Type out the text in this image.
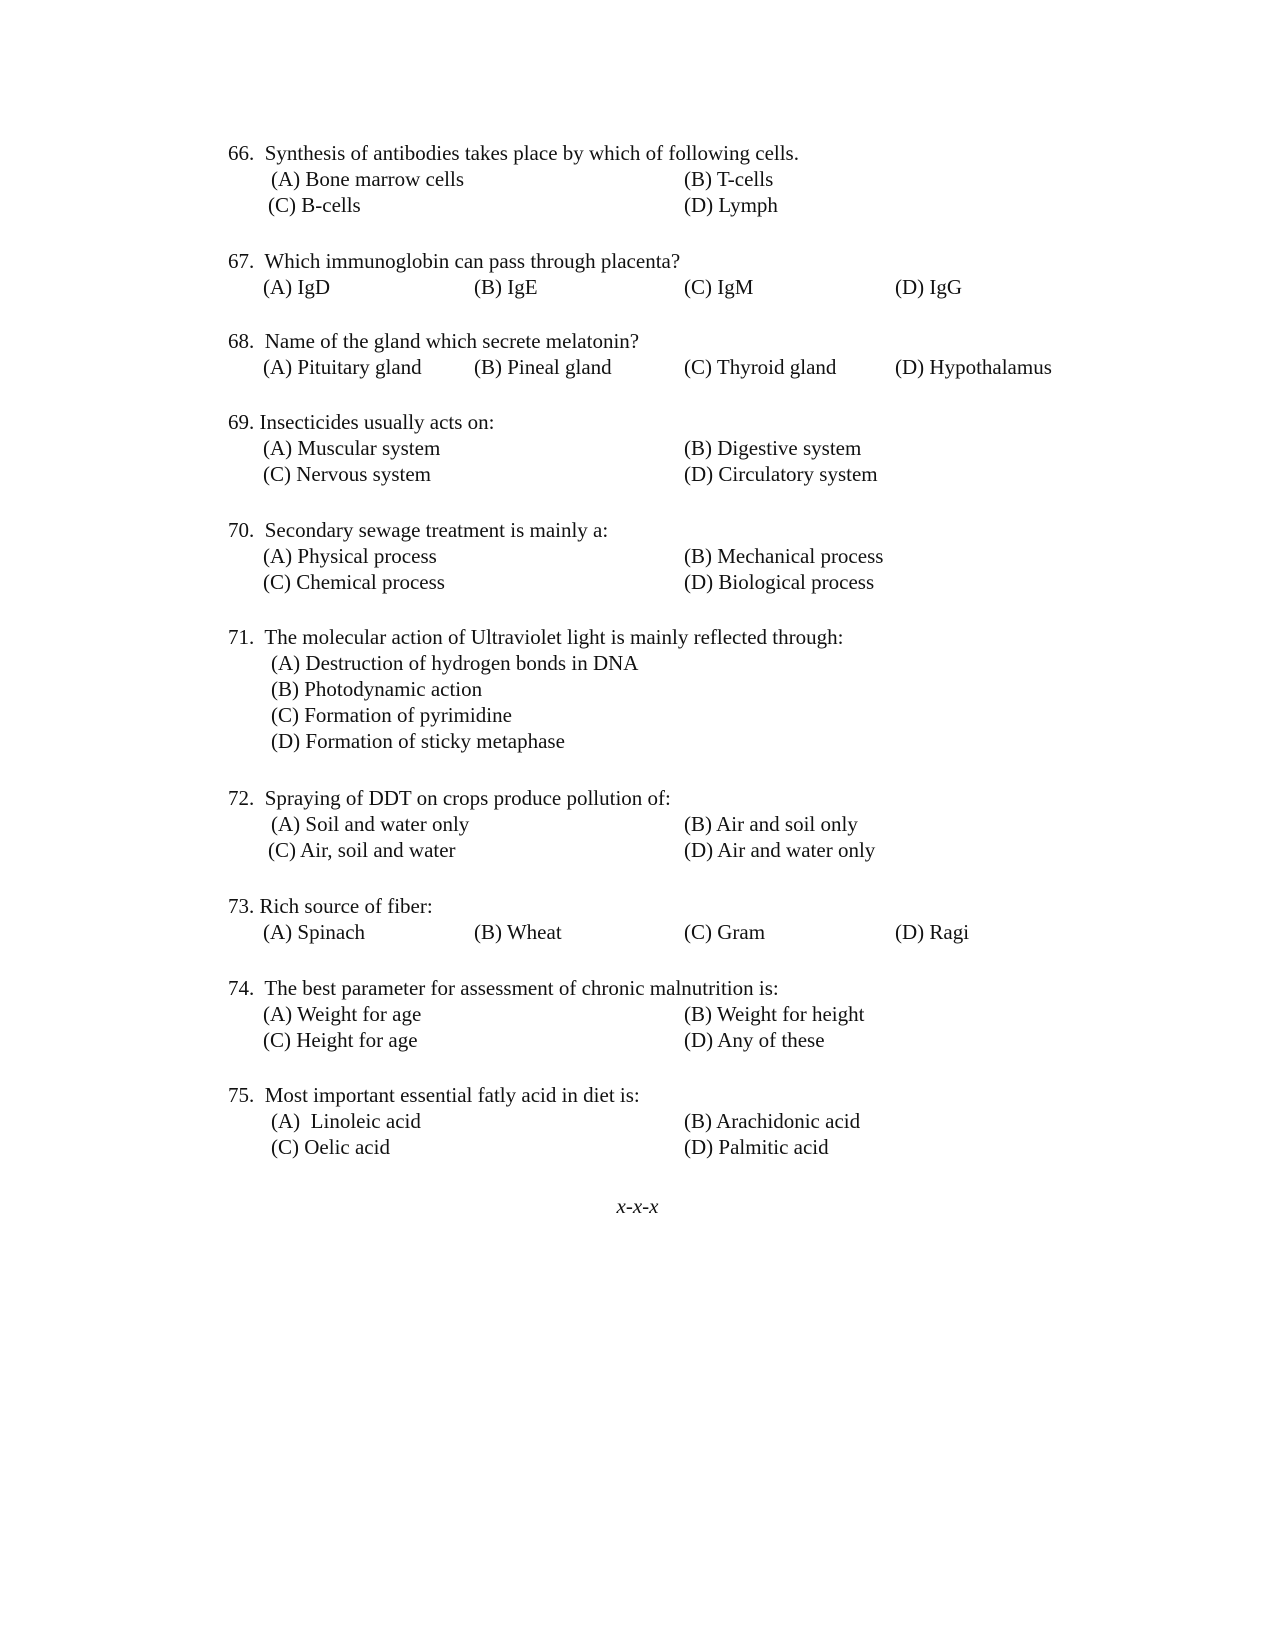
66.  Synthesis of antibodies takes place by which of following cells.
(A) Bone marrow cells	(B) T-cells
(C) B-cells	(D) Lymph
67.  Which immunoglobin can pass through placenta?
(A) IgD	(B) IgE	(C) IgM	(D) IgG
68.  Name of the gland which secrete melatonin?
(A) Pituitary gland (B) Pineal gland	(C) Thyroid gland	(D) Hypothalamus
69. Insecticides usually acts on:
(A) Muscular system	(B) Digestive system
(C) Nervous system	(D) Circulatory system
70.  Secondary sewage treatment is mainly a:
(A) Physical process	(B) Mechanical process
(C) Chemical process	(D) Biological process
71.  The molecular action of Ultraviolet light is mainly reflected through:
(A) Destruction of hydrogen bonds in DNA
(B) Photodynamic action
(C) Formation of pyrimidine
(D) Formation of sticky metaphase
72.  Spraying of DDT on crops produce pollution of:
(A) Soil and water only	(B) Air and soil only
(C) Air, soil and water	(D) Air and water only
73. Rich source of fiber:
(A) Spinach	(B) Wheat	(C) Gram	(D) Ragi
74.  The best parameter for assessment of chronic malnutrition is:
(A) Weight for age	(B) Weight for height
(C) Height for age	(D) Any of these
75.  Most important essential fatly acid in diet is:
(A)  Linoleic acid	(B) Arachidonic acid
(C) Oelic acid	(D) Palmitic acid
x-x-x
